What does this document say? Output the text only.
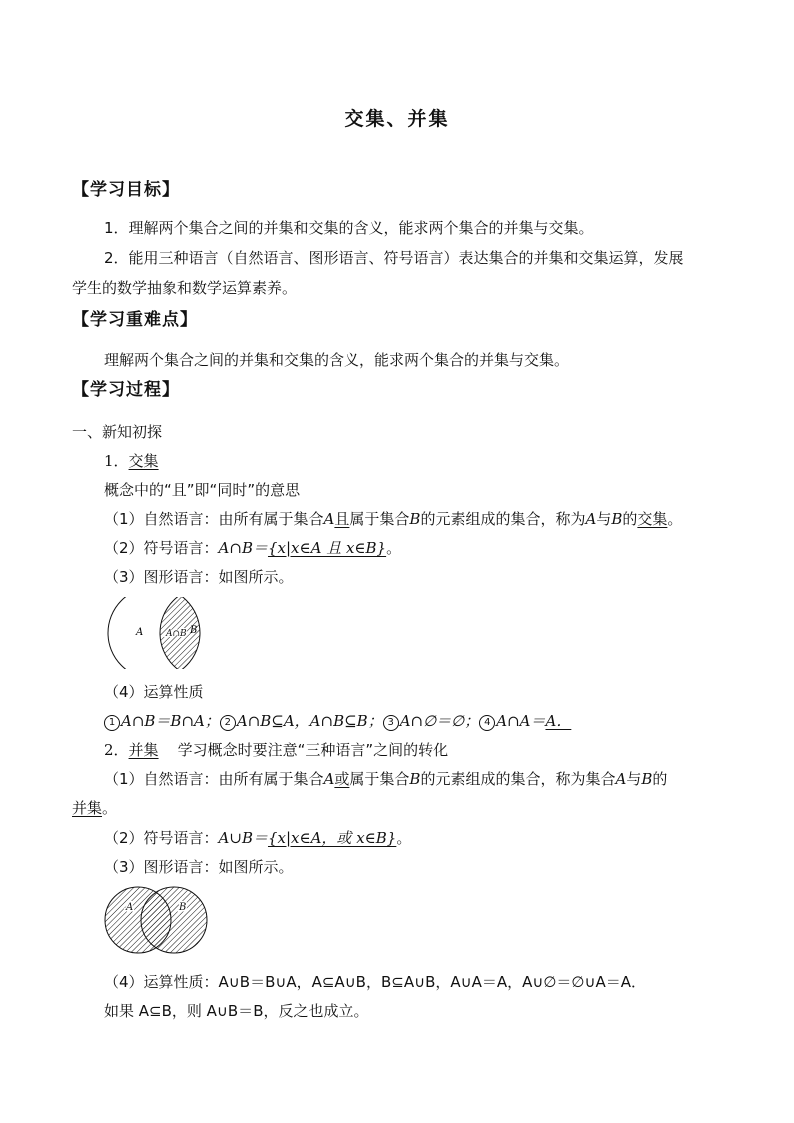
交集、并集
【学习目标】
1．理解两个集合之间的并集和交集的含义，能求两个集合的并集与交集。
2．能用三种语言（自然语言、图形语言、符号语言）表达集合的并集和交集运算，发展
学生的数学抽象和数学运算素养。
【学习重难点】
理解两个集合之间的并集和交集的含义，能求两个集合的并集与交集。
【学习过程】
一、新知初探
1．交集
概念中的“且”即“同时”的意思
（1）自然语言：由所有属于集合A且属于集合B的元素组成的集合，称为A与B的交集。
（2）符号语言：A∩B＝{x|x∈A 且 x∈B}。
（3）图形语言：如图所示。
A	A∩B B
（4）运算性质
1 A∩B＝B∩A； 2 A∩B⊆A，A∩B⊆B； 3 A∩∅＝∅； 4 A∩A＝A．
2．并集 学习概念时要注意“三种语言”之间的转化
（1）自然语言：由所有属于集合A或属于集合B的元素组成的集合，称为集合A与B的
并集。
（2）符号语言：A∪B＝{x|x∈A，或 x∈B}。
（3）图形语言：如图所示。
A	B
（4）运算性质：A∪B＝B∪A，A⊆A∪B，B⊆A∪B，A∪A＝A，A∪∅＝∅∪A＝A．
如果 A⊆B，则 A∪B＝B，反之也成立。
